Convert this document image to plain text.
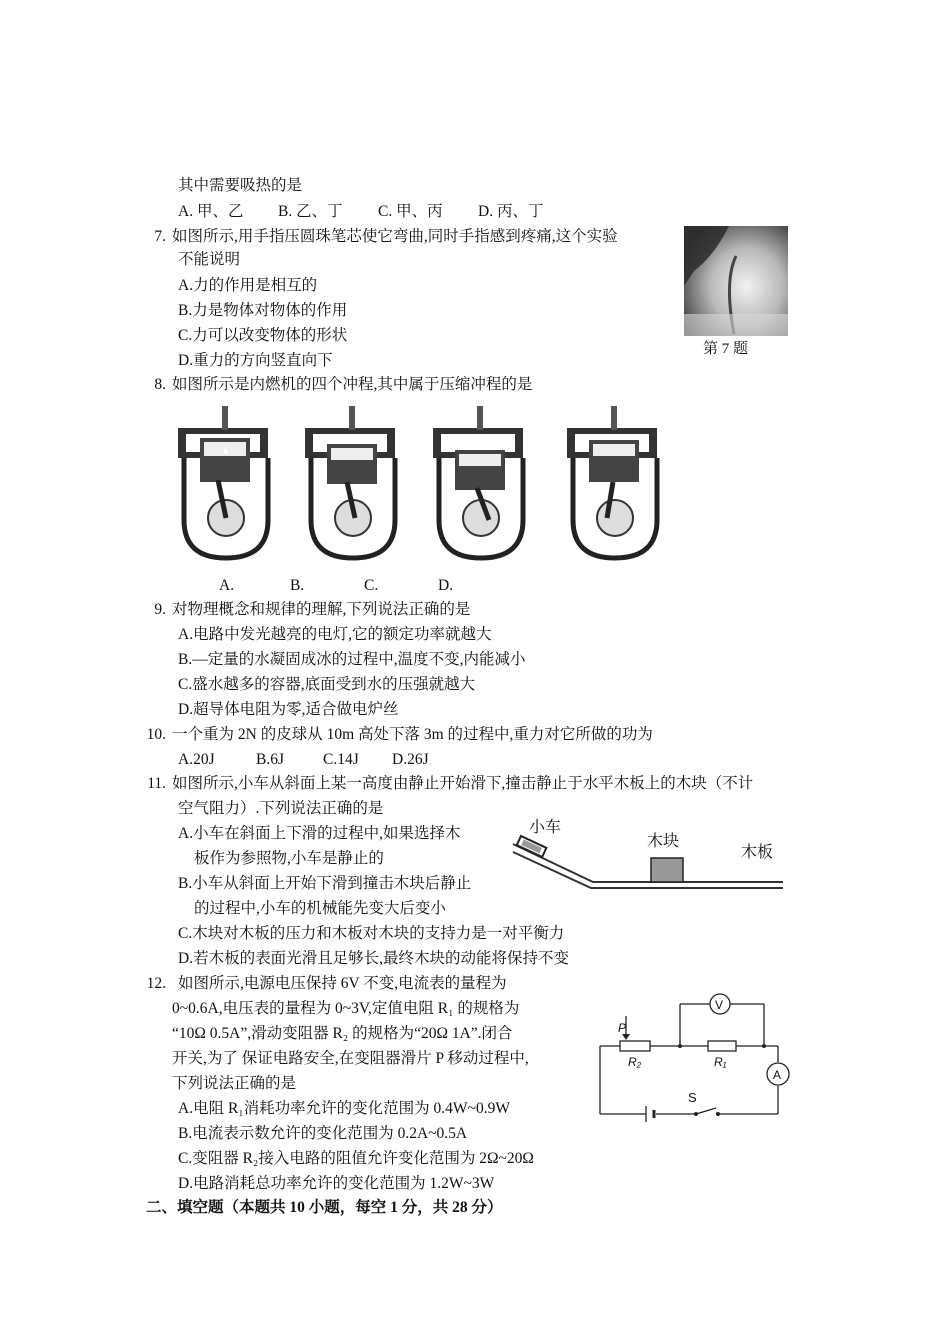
其中需要吸热的是
A. 甲、乙 B. 乙、丁 C. 甲、丙 D. 丙、丁
7. 如图所示,用手指压圆珠笔芯使它弯曲,同时手指感到疼痛,这个实验
不能说明
A.力的作用是相互的
B.力是物体对物体的作用
C.力可以改变物体的形状
D.重力的方向竖直向下
第 7 题
8. 如图所示是内燃机的四个冲程,其中属于压缩冲程的是
A.	B.	C.	D.
9. 对物理概念和规律的理解,下列说法正确的是
A.电路中发光越亮的电灯,它的额定功率就越大
B.—定量的水凝固成冰的过程中,温度不变,内能减小
C.盛水越多的容器,底面受到水的压强就越大
D.超导体电阻为零,适合做电炉丝
10. 一个重为 2N 的皮球从 10m 高处下落 3m 的过程中,重力对它所做的功为
A.20J	B.6J	C.14J D.26J
11. 如图所示,小车从斜面上某一高度由静止开始滑下,撞击静止于水平木板上的木块（不计
空气阻力）.下列说法正确的是
A.小车在斜面上下滑的过程中,如果选择木
板作为参照物,小车是静止的
B.小车从斜面上开始下滑到撞击木块后静止
的过程中,小车的机械能先变大后变小
C.木块对木板的压力和木板对木块的支持力是一对平衡力
D.若木板的表面光滑且足够长,最终木块的动能将保持不变
小车
木块
木板
12. 如图所示,电源电压保持 6V 不变,电流表的量程为
0~0.6A,电压表的量程为 0~3V,定值电阻 R₁ 的规格为
“10Ω 0.5A”,滑动变阻器 R₂ 的规格为“20Ω 1A”.闭合
开关,为了 保证电路安全,在变阻器滑片 P 移动过程中,
下列说法正确的是
A.电阻 R₁消耗功率允许的变化范围为 0.4W~0.9W
B.电流表示数允许的变化范围为 0.2A~0.5A
C.变阻器 R₂接入电路的阻值允许变化范围为 2Ω~20Ω
D.电路消耗总功率允许的变化范围为 1.2W~3W
V
A
P
R₂	R₁
S
二、填空题（本题共 10 小题，每空 1 分，共 28 分）
